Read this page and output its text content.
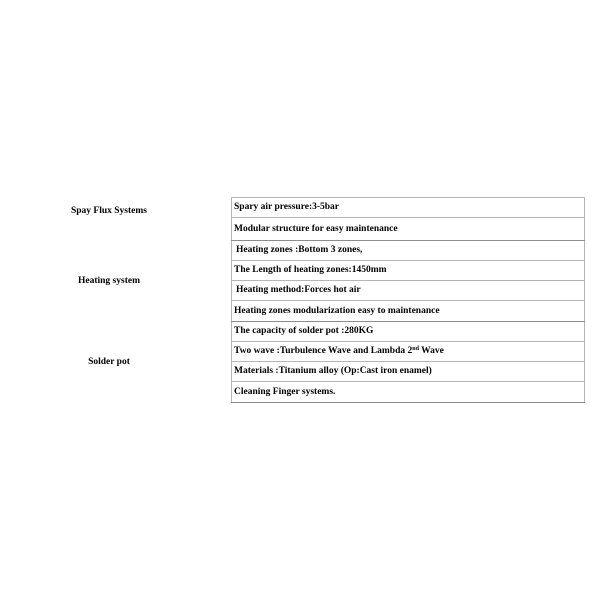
Spay Flux Systems	Spary air pressure:3-5bar
	Modular structure for easy maintenance
Heating system	Heating zones :Bottom 3 zones,
	The Length of heating zones:1450mm
	Heating method:Forces hot air
	Heating zones modularization easy to maintenance
Solder pot	The capacity of solder pot :280KG
	Two wave :Turbulence Wave and Lambda 2nd Wave
	Materials :Titanium alloy (Op:Cast iron enamel)
	Cleaning Finger systems.
